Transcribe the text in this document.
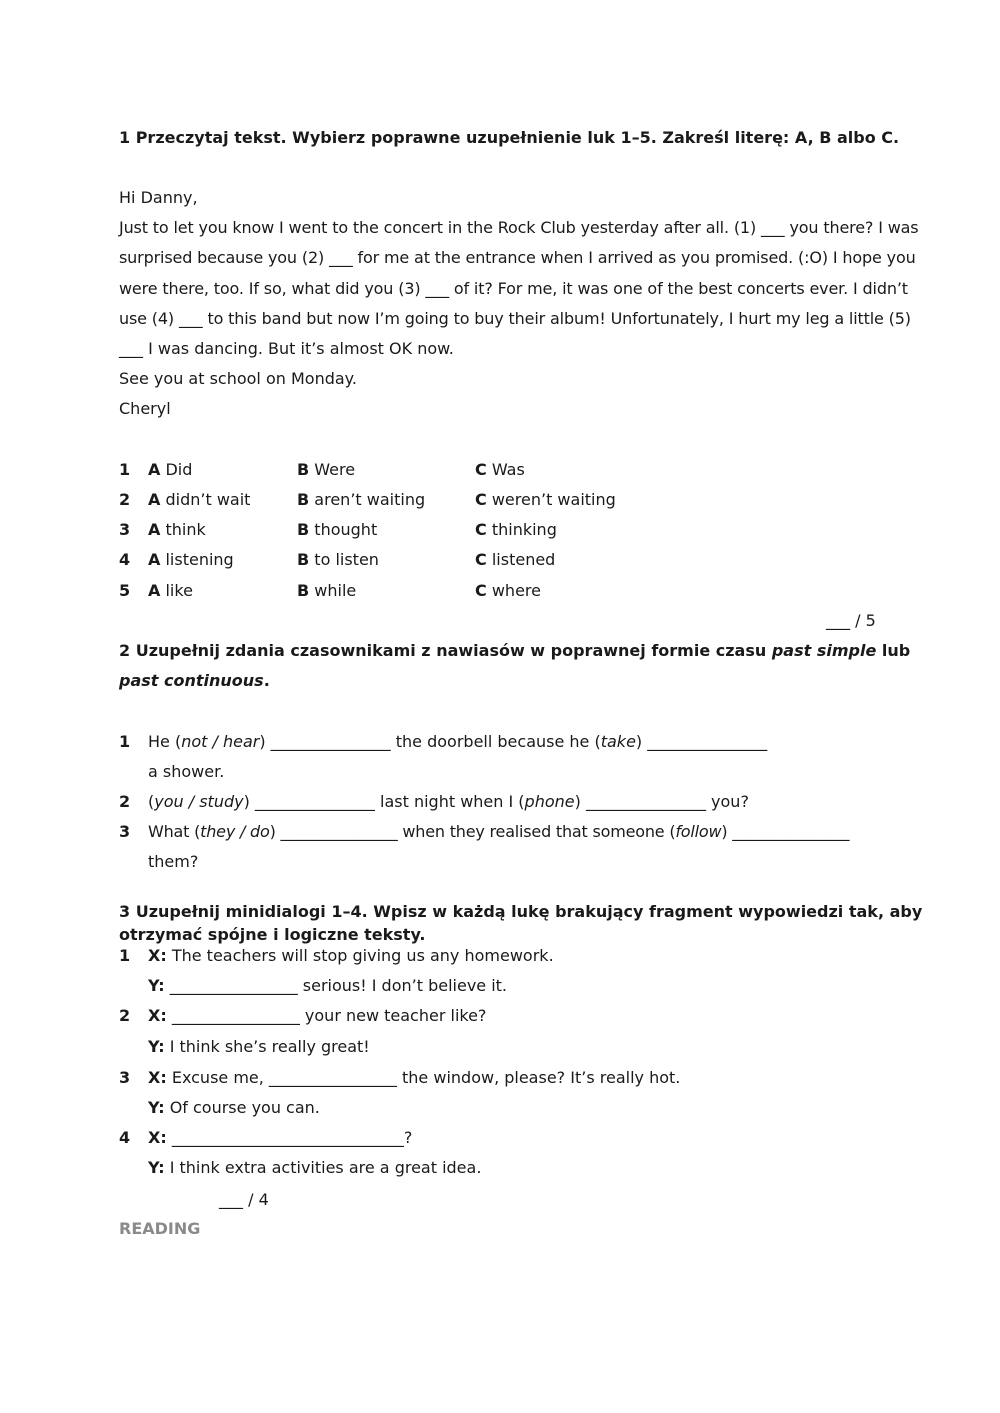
1 Przeczytaj tekst. Wybierz poprawne uzupełnienie luk 1–5. Zakreśl literę: A, B albo C.
Hi Danny,
Just to let you know I went to the concert in the Rock Club yesterday after all. (1) ___ you there? I was
surprised because you (2) ___ for me at the entrance when I arrived as you promised. (:O) I hope you
were there, too. If so, what did you (3) ___ of it? For me, it was one of the best concerts ever. I didn’t
use (4) ___ to this band but now I’m going to buy their album! Unfortunately, I hurt my leg a little (5)
___ I was dancing. But it’s almost OK now.
See you at school on Monday.
Cheryl
1 A Did	B Were	C Was
2 A didn’t wait	B aren’t waiting	C weren’t waiting
3 A think	B thought	C thinking
4 A listening	B to listen	C listened
5 A like	B while	C where
___ / 5
2 Uzupełnij zdania czasownikami z nawiasów w poprawnej formie czasu past simple lub
past continuous.
1 He (not / hear) _______________ the doorbell because he (take) _______________
a shower.
2 (you / study) _______________ last night when I (phone) _______________ you?
3 What (they / do) _______________ when they realised that someone (follow) _______________
them?
3 Uzupełnij minidialogi 1–4. Wpisz w każdą lukę brakujący fragment wypowiedzi tak, aby
otrzymać spójne i logiczne teksty.
1 X: The teachers will stop giving us any homework.
Y: ________________ serious! I don’t believe it.
2 X: ________________ your new teacher like?
Y: I think she’s really great!
3 X: Excuse me, ________________ the window, please? It’s really hot.
Y: Of course you can.
4 X: _____________________________?
Y: I think extra activities are a great idea.
___ / 4
READING
